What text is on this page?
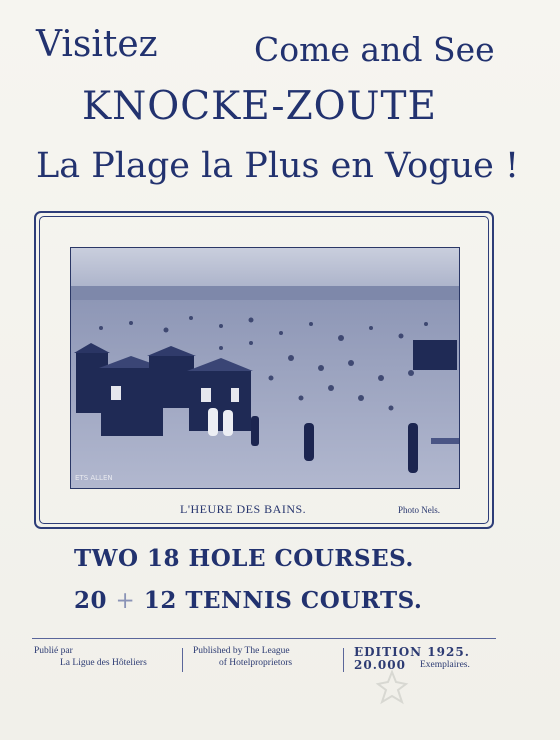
Visitez	Come and See
KNOCKE-ZOUTE
La Plage la Plus en Vogue !
ETS ALLEN
L'HEURE DES BAINS.	Photo Nels.
TWO 18 HOLE COURSES.
20 + 12 TENNIS COURTS.
Publié par
La Ligue des Hôteliers
Published by The League
of Hotelproprietors
EDITION 1925.
20.000 Exemplaires.
